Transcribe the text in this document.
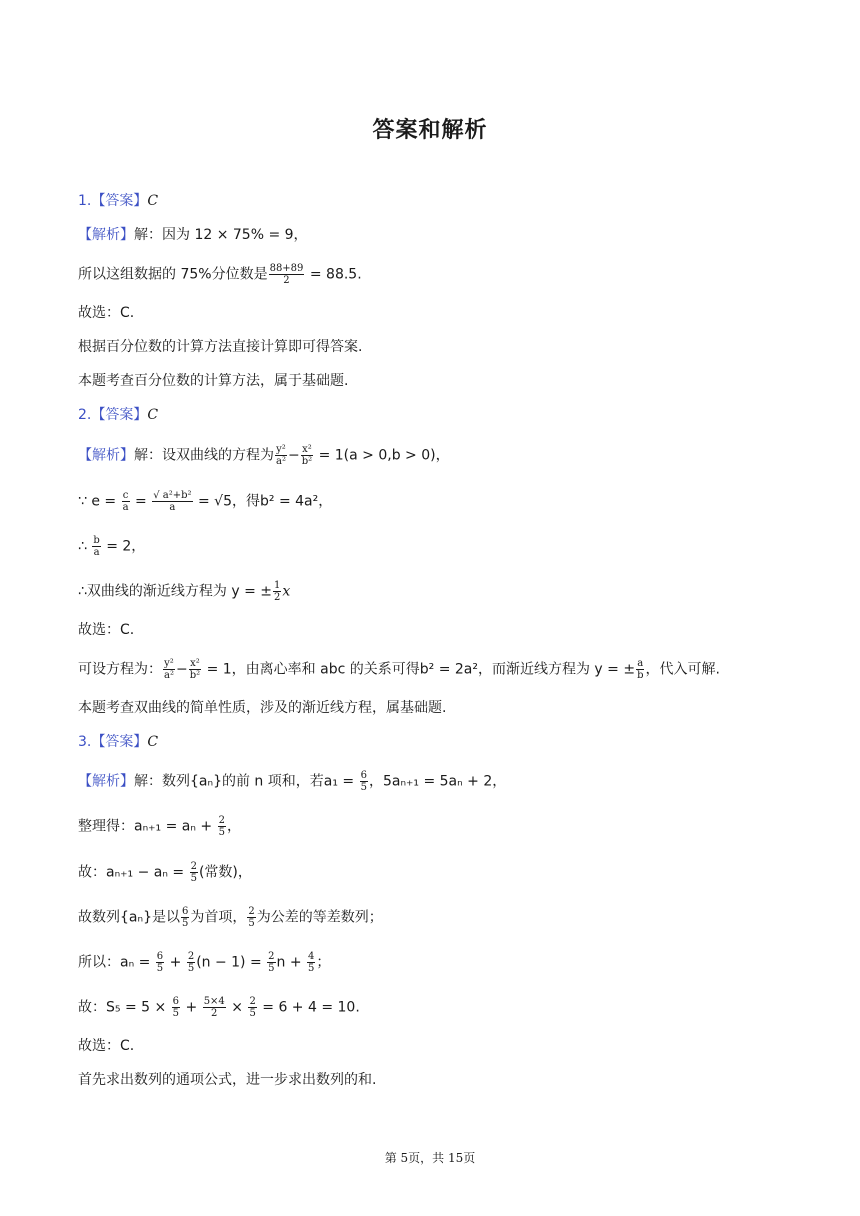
答案和解析
1.【答案】C
【解析】解：因为 12 × 75% = 9，
所以这组数据的 75%分位数是 $\frac{88+89}{2} = 88.5$.
故选：C.
根据百分位数的计算方法直接计算即可得答案.
本题考查百分位数的计算方法，属于基础题.
2.【答案】C
【解析】解：设双曲线的方程为 $\frac{\text{y²}}{\text{a²}} - \frac{\text{x²}}{\text{b²}} = 1(a > 0,b > 0)$，
∵ $e = \frac{c}{a} = \frac{\text{√ a²+b²}}{a} = √5$，得b² = 4a²，
∴ $\frac{b}{a} = 2$，
∴双曲线的渐近线方程为 y = ± $\frac{1}{2}$ x
故选：C.
可设方程为： $\frac{\text{y²}}{\text{a²}} - \frac{\text{x²}}{\text{b²}} = 1$，由离心率和 abc 的关系可得b² = 2a²，而渐近线方程为 y = ± $\frac{a}{b}$ ，代入可解.
本题考查双曲线的简单性质，涉及的渐近线方程，属基础题.
3.【答案】C
【解析】解：数列{aₙ}的前 n 项和，若$a_1 = \frac{6}{5}$ ，5aₙ₊₁ = 5aₙ + 2，
整理得：$a_{n+1} = a_n + \frac{2}{5}$ ，
故：$a_{n+1} - a_n = \frac{2}{5}$ (常数)，
故数列{aₙ}是以 $\frac{6}{5}$ 为首项， $\frac{2}{5}$ 为公差的等差数列；
所以：$a_n = \frac{6}{5} + \frac{2}{5} (n - 1) = \frac{2}{5}$ $n + \frac{4}{5}$ ；
故：$S_5 = 5 \times \frac{6}{5} + \frac{5\times 4}{2} \times \frac{2}{5} = 6 + 4 = 10$.
故选：C.
首先求出数列的通项公式，进一步求出数列的和.
第 5页，共 15页
